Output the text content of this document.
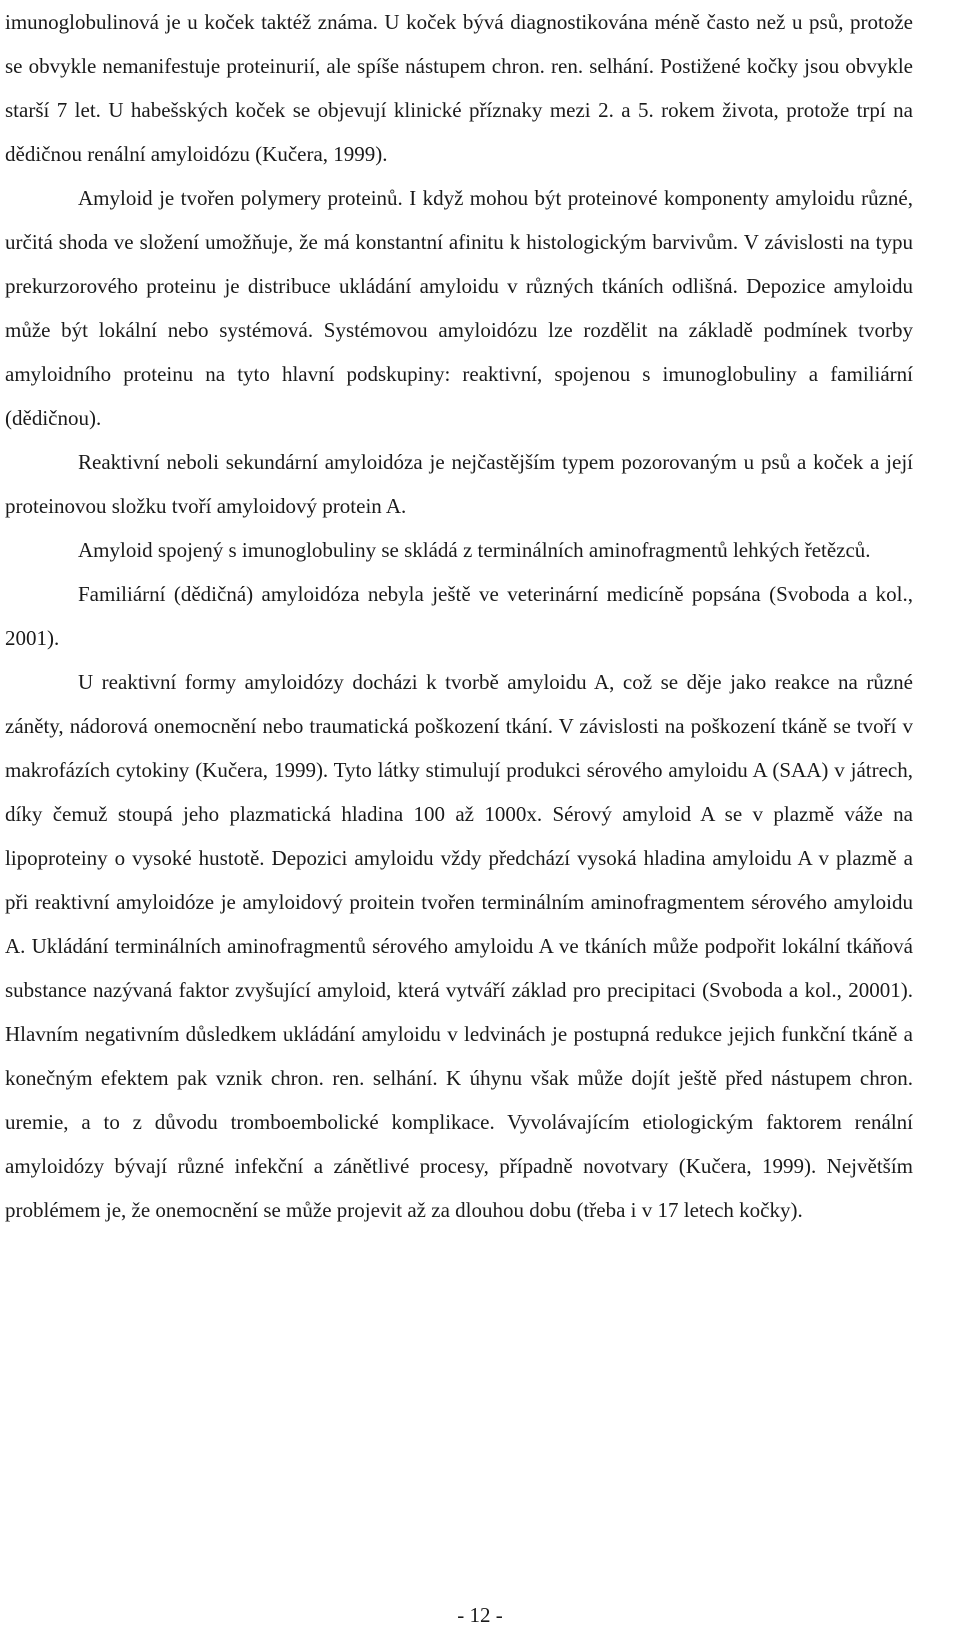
imunoglobulinová je u koček taktéž známa. U koček bývá diagnostikována méně často než u psů, protože se obvykle nemanifestuje proteinurií, ale spíše nástupem chron. ren. selhání. Postižené kočky jsou obvykle starší 7 let. U habešských koček se objevují klinické příznaky mezi 2. a 5. rokem života, protože trpí na dědičnou renální amyloidózu (Kučera, 1999).

Amyloid je tvořen polymery proteinů. I když mohou být proteinové komponenty amyloidu různé, určitá shoda ve složení umožňuje, že má konstantní afinitu k histologickým barvivům. V závislosti na typu prekurzorového proteinu je distribuce ukládání amyloidu v různých tkáních odlišná. Depozice amyloidu může být lokální nebo systémová. Systémovou amyloidózu lze rozdělit na základě podmínek tvorby amyloidního proteinu na tyto hlavní podskupiny: reaktivní, spojenou s imunoglobuliny a familiární (dědičnou).

Reaktivní neboli sekundární amyloidóza je nejčastějším typem pozorovaným u psů a koček a její proteinovou složku tvoří amyloidový protein A.

Amyloid spojený s imunoglobuliny se skládá z terminálních aminofragmentů lehkých řetězců.

Familiární (dědičná) amyloidóza nebyla ještě ve veterinární medicíně popsána (Svoboda a kol., 2001).

U reaktivní formy amyloidózy docházi k tvorbě amyloidu A, což se děje jako reakce na různé záněty, nádorová onemocnění nebo traumatická poškození tkání. V závislosti na poškození tkáně se tvoří v makrofázích cytokiny (Kučera, 1999). Tyto látky stimulují produkci sérového amyloidu A (SAA) v játrech, díky čemuž stoupá jeho plazmatická hladina 100 až 1000x. Sérový amyloid A se v plazmě váže na lipoproteiny o vysoké hustotě. Depozici amyloidu vždy předchází vysoká hladina amyloidu A v plazmě a při reaktivní amyloidóze je amyloidový proitein tvořen terminálním aminofragmentem sérového amyloidu A. Ukládání terminálních aminofragmentů sérového amyloidu A ve tkáních může podpořit lokální tkáňová substance nazývaná faktor zvyšující amyloid, která vytváří základ pro precipitaci (Svoboda a kol., 20001). Hlavním negativním důsledkem ukládání amyloidu v ledvinách je postupná redukce jejich funkční tkáně a konečným efektem pak vznik chron. ren. selhání. K úhynu však může dojít ještě před nástupem chron. uremie, a to z důvodu tromboembolické komplikace. Vyvolávajícím etiologickým faktorem renální amyloidózy bývají různé infekční a zánětlivé procesy, případně novotvary (Kučera, 1999). Největším problémem je, že onemocnění se může projevit až za dlouhou dobu (třeba i v 17 letech kočky).

- 12 -
